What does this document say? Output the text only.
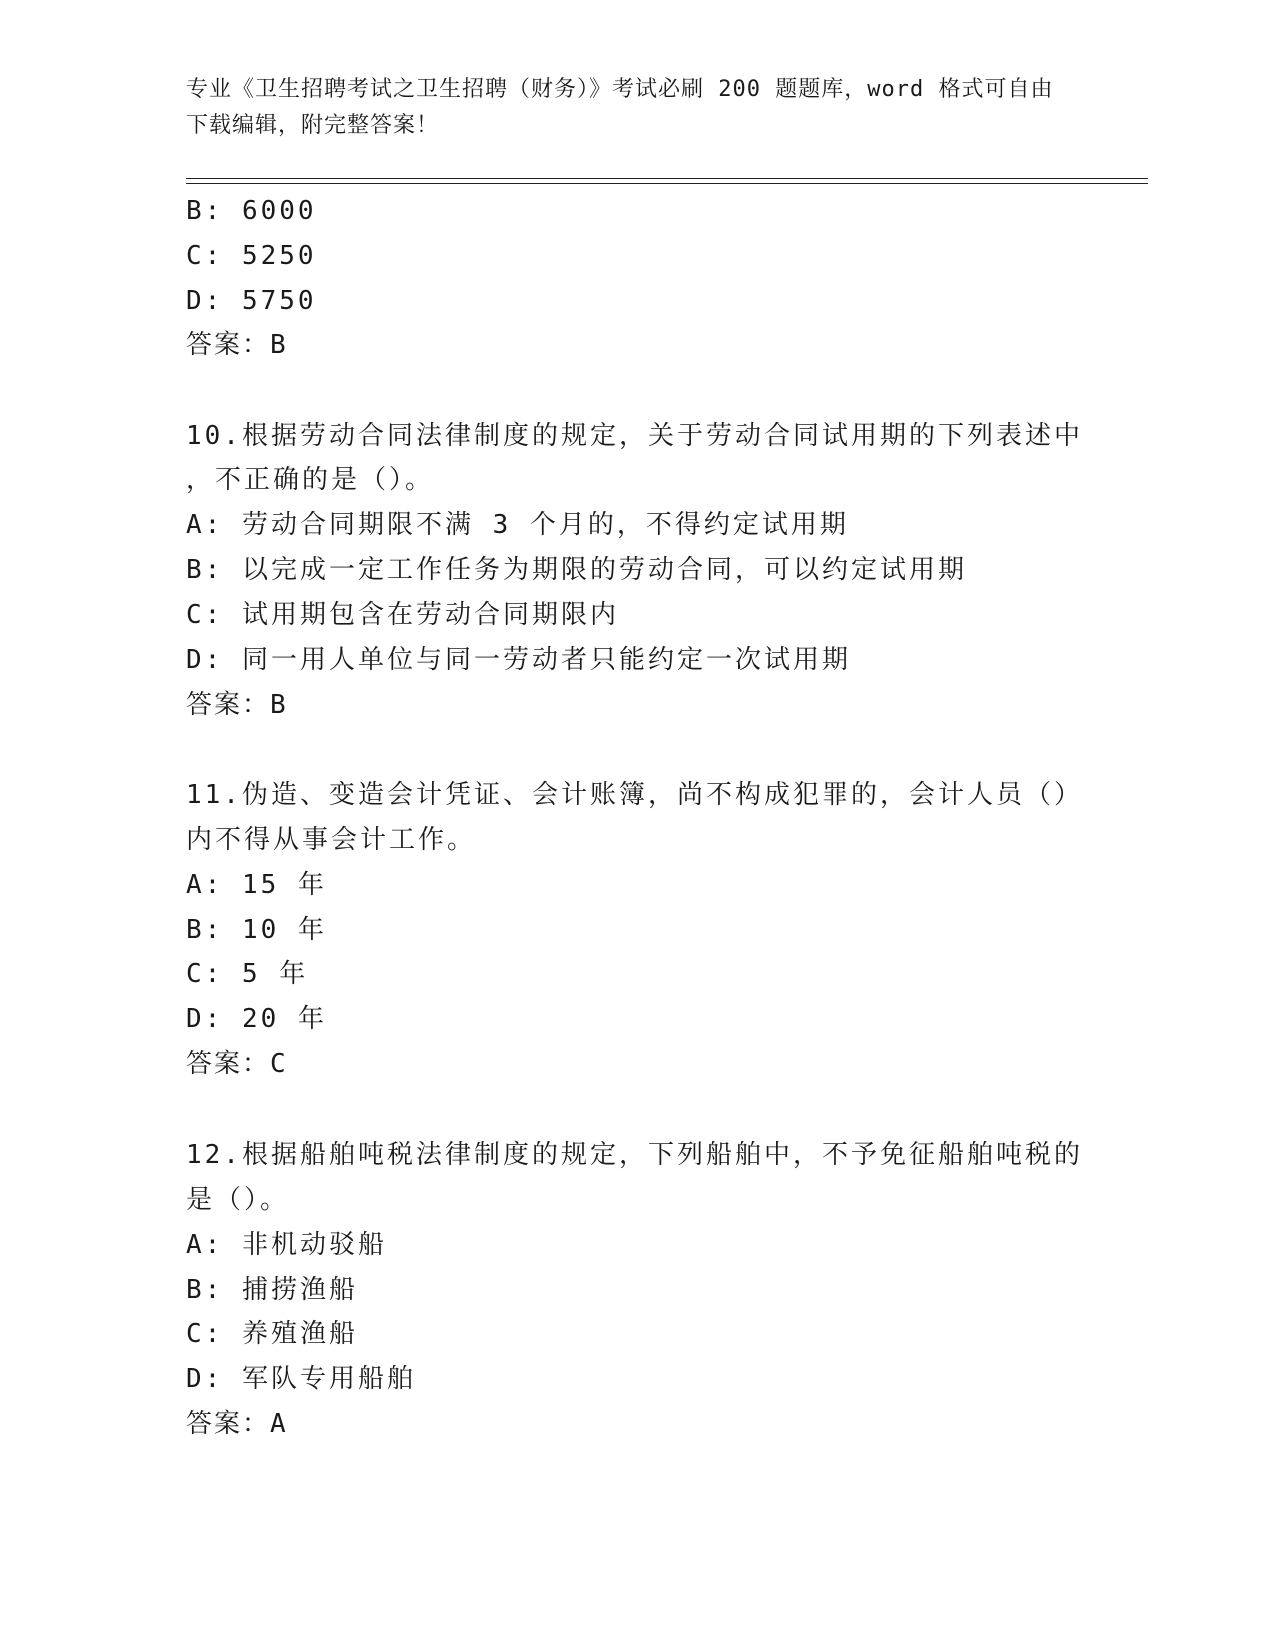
专业《卫生招聘考试之卫生招聘（财务）》考试必刷 200 题题库，word 格式可自由下载编辑，附完整答案！
B: 6000
C: 5250
D: 5750
答案：B
10.根据劳动合同法律制度的规定，关于劳动合同试用期的下列表述中
，不正确的是（）。
A: 劳动合同期限不满 3 个月的，不得约定试用期
B: 以完成一定工作任务为期限的劳动合同，可以约定试用期
C: 试用期包含在劳动合同期限内
D: 同一用人单位与同一劳动者只能约定一次试用期
答案：B
11.伪造、变造会计凭证、会计账簿，尚不构成犯罪的，会计人员（）
内不得从事会计工作。
A: 15 年
B: 10 年
C: 5 年
D: 20 年
答案：C
12.根据船舶吨税法律制度的规定，下列船舶中，不予免征船舶吨税的
是（）。
A: 非机动驳船
B: 捕捞渔船
C: 养殖渔船
D: 军队专用船舶
答案：A
